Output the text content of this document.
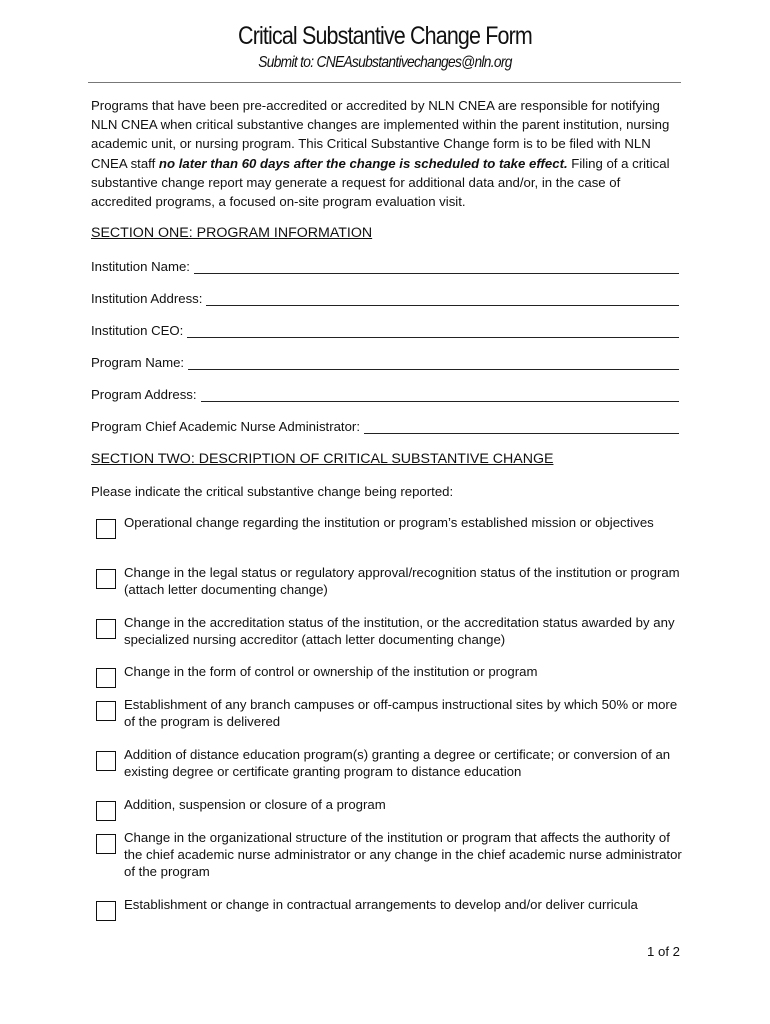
Critical Substantive Change Form
Submit to: CNEAsubstantivechanges@nln.org
Programs that have been pre-accredited or accredited by NLN CNEA are responsible for notifying NLN CNEA when critical substantive changes are implemented within the parent institution, nursing academic unit, or nursing program. This Critical Substantive Change form is to be filed with NLN CNEA staff no later than 60 days after the change is scheduled to take effect. Filing of a critical substantive change report may generate a request for additional data and/or, in the case of accredited programs, a focused on-site program evaluation visit.
SECTION ONE: PROGRAM INFORMATION
Institution Name:
Institution Address:
Institution CEO:
Program Name:
Program Address:
Program Chief Academic Nurse Administrator:
SECTION TWO: DESCRIPTION OF CRITICAL SUBSTANTIVE CHANGE
Please indicate the critical substantive change being reported:
Operational change regarding the institution or program’s established mission or objectives
Change in the legal status or regulatory approval/recognition status of the institution or program (attach letter documenting change)
Change in the accreditation status of the institution, or the accreditation status awarded by any specialized nursing accreditor (attach letter documenting change)
Change in the form of control or ownership of the institution or program
Establishment of any branch campuses or off-campus instructional sites by which 50% or more of the program is delivered
Addition of distance education program(s) granting a degree or certificate; or conversion of an existing degree or certificate granting program to distance education
Addition, suspension or closure of a program
Change in the organizational structure of the institution or program that affects the authority of the chief academic nurse administrator or any change in the chief academic nurse administrator of the program
Establishment or change in contractual arrangements to develop and/or deliver curricula
1 of 2
